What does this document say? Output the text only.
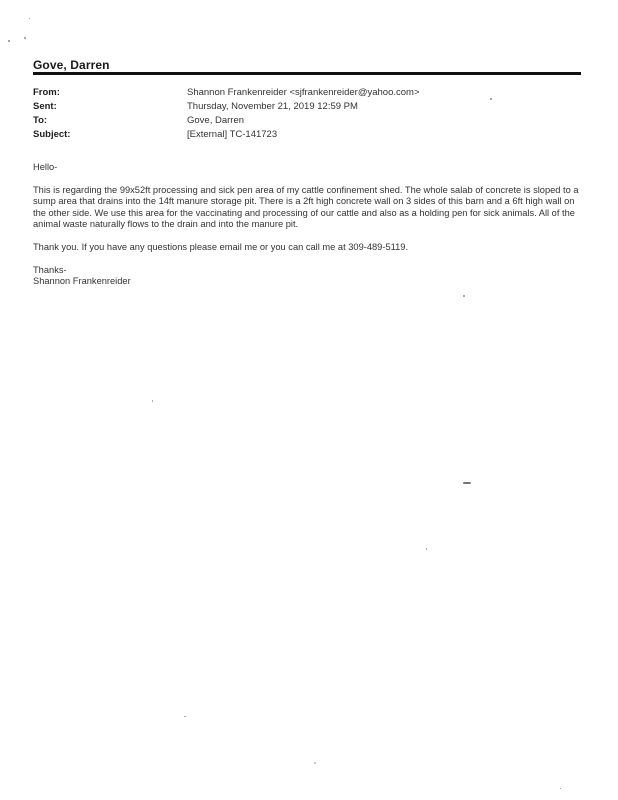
Gove, Darren
From:	Shannon Frankenreider <sjfrankenreider@yahoo.com>
Sent:	Thursday, November 21, 2019 12:59 PM
To:	Gove, Darren
Subject:	[External] TC-141723

Hello-

This is regarding the 99x52ft processing and sick pen area of my cattle confinement shed. The whole salab of concrete is sloped to a sump area that drains into the 14ft manure storage pit. There is a 2ft high concrete wall on 3 sides of this barn and a 6ft high wall on the other side. We use this area for the vaccinating and processing of our cattle and also as a holding pen for sick animals. All of the animal waste naturally flows to the drain and into the manure pit.

Thank you. If you have any questions please email me or you can call me at 309-489-5119.

Thanks-

Shannon Frankenreider
